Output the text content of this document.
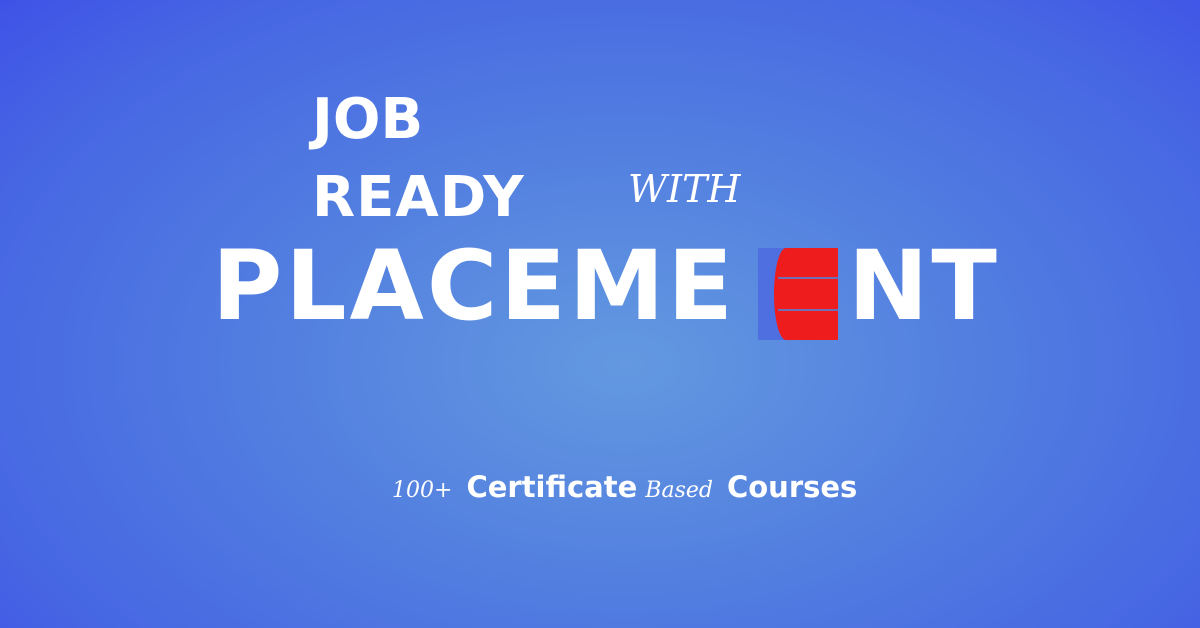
JOB
READY	WITH
PLACEME NT
100+ Certificate Based Courses
